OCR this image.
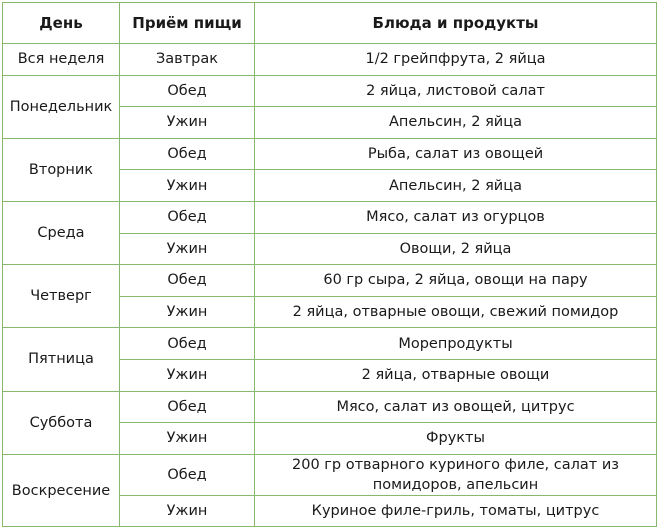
День	Приём пищи	Блюда и продукты
Вся неделя	Завтрак	1/2 грейпфрута, 2 яйца
Понедельник	Обед	2 яйца, листовой салат
	Ужин	Апельсин, 2 яйца
Вторник	Обед	Рыба, салат из овощей
	Ужин	Апельсин, 2 яйца
Среда	Обед	Мясо, салат из огурцов
	Ужин	Овощи, 2 яйца
Четверг	Обед	60 гр сыра, 2 яйца, овощи на пару
	Ужин	2 яйца, отварные овощи, свежий помидор
Пятница	Обед	Морепродукты
	Ужин	2 яйца, отварные овощи
Суббота	Обед	Мясо, салат из овощей, цитрус
	Ужин	Фрукты
Воскресение	Обед	200 гр отварного куриного филе, салат из помидоров, апельсин
	Ужин	Куриное филе-гриль, томаты, цитрус
